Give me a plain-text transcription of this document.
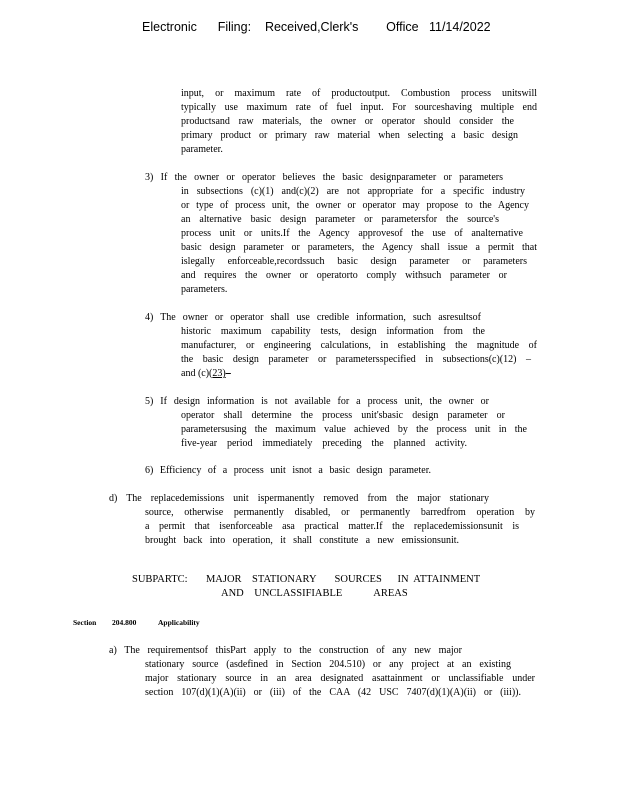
Electronic      Filing:    Received,Clerk's        Office   11/14/2022
input, or maximum rate of productoutput. Combustion process unitswill
typically use maximum rate of fuel input. For sourceshaving multiple end
productsand raw materials, the owner or operator should consider the
primary product or primary raw material when selecting a basic design
parameter.
3) If the owner or operator believes the basic designparameter or parameters
in subsections (c)(1) and(c)(2) are not appropriate for a specific industry
or type of process unit, the owner or operator may propose to the Agency
an alternative basic design parameter or parametersfor the source's
process unit or units.If the Agency approvesof the use of analternative
basic design parameter or parameters, the Agency shall issue a permit that
islegally enforceable,recordssuch basic design parameter or parameters
and requires the owner or operatorto comply withsuch parameter or
parameters.
4) The owner or operator shall use credible information, such asresultsof
historic maximum capability tests, design information from the
manufacturer, or engineering calculations, in establishing the magnitude of
the basic design parameter or parametersspecified in subsections(c)(12) –
and (c)(23)–
5) If design information is not available for a process unit, the owner or
operator shall determine the process unit'sbasic design parameter or
parametersusing the maximum value achieved by the process unit in the
five-year period immediately preceding the planned activity.
6) Efficiency of a process unit isnot a basic design parameter.
d) The replacedemissions unit ispermanently removed from the major stationary
source, otherwise permanently disabled, or permanently barredfrom operation by
a permit that isenforceable asa practical matter.If the replacedemissionsunit is
brought back into operation, it shall constitute a new emissionsunit.
SUBPARTC:       MAJOR    STATIONARY       SOURCES      IN  ATTAINMENT
AND    UNCLASSIFIABLE            AREAS
Section 204.800	Applicability
a) The requirementsof thisPart apply to the construction of any new major
stationary source (asdefined in Section 204.510) or any project at an existing
major stationary source in an area designated asattainment or unclassifiable under
section 107(d)(1)(A)(ii) or (iii) of the CAA (42 USC 7407(d)(1)(A)(ii) or (iii)).
